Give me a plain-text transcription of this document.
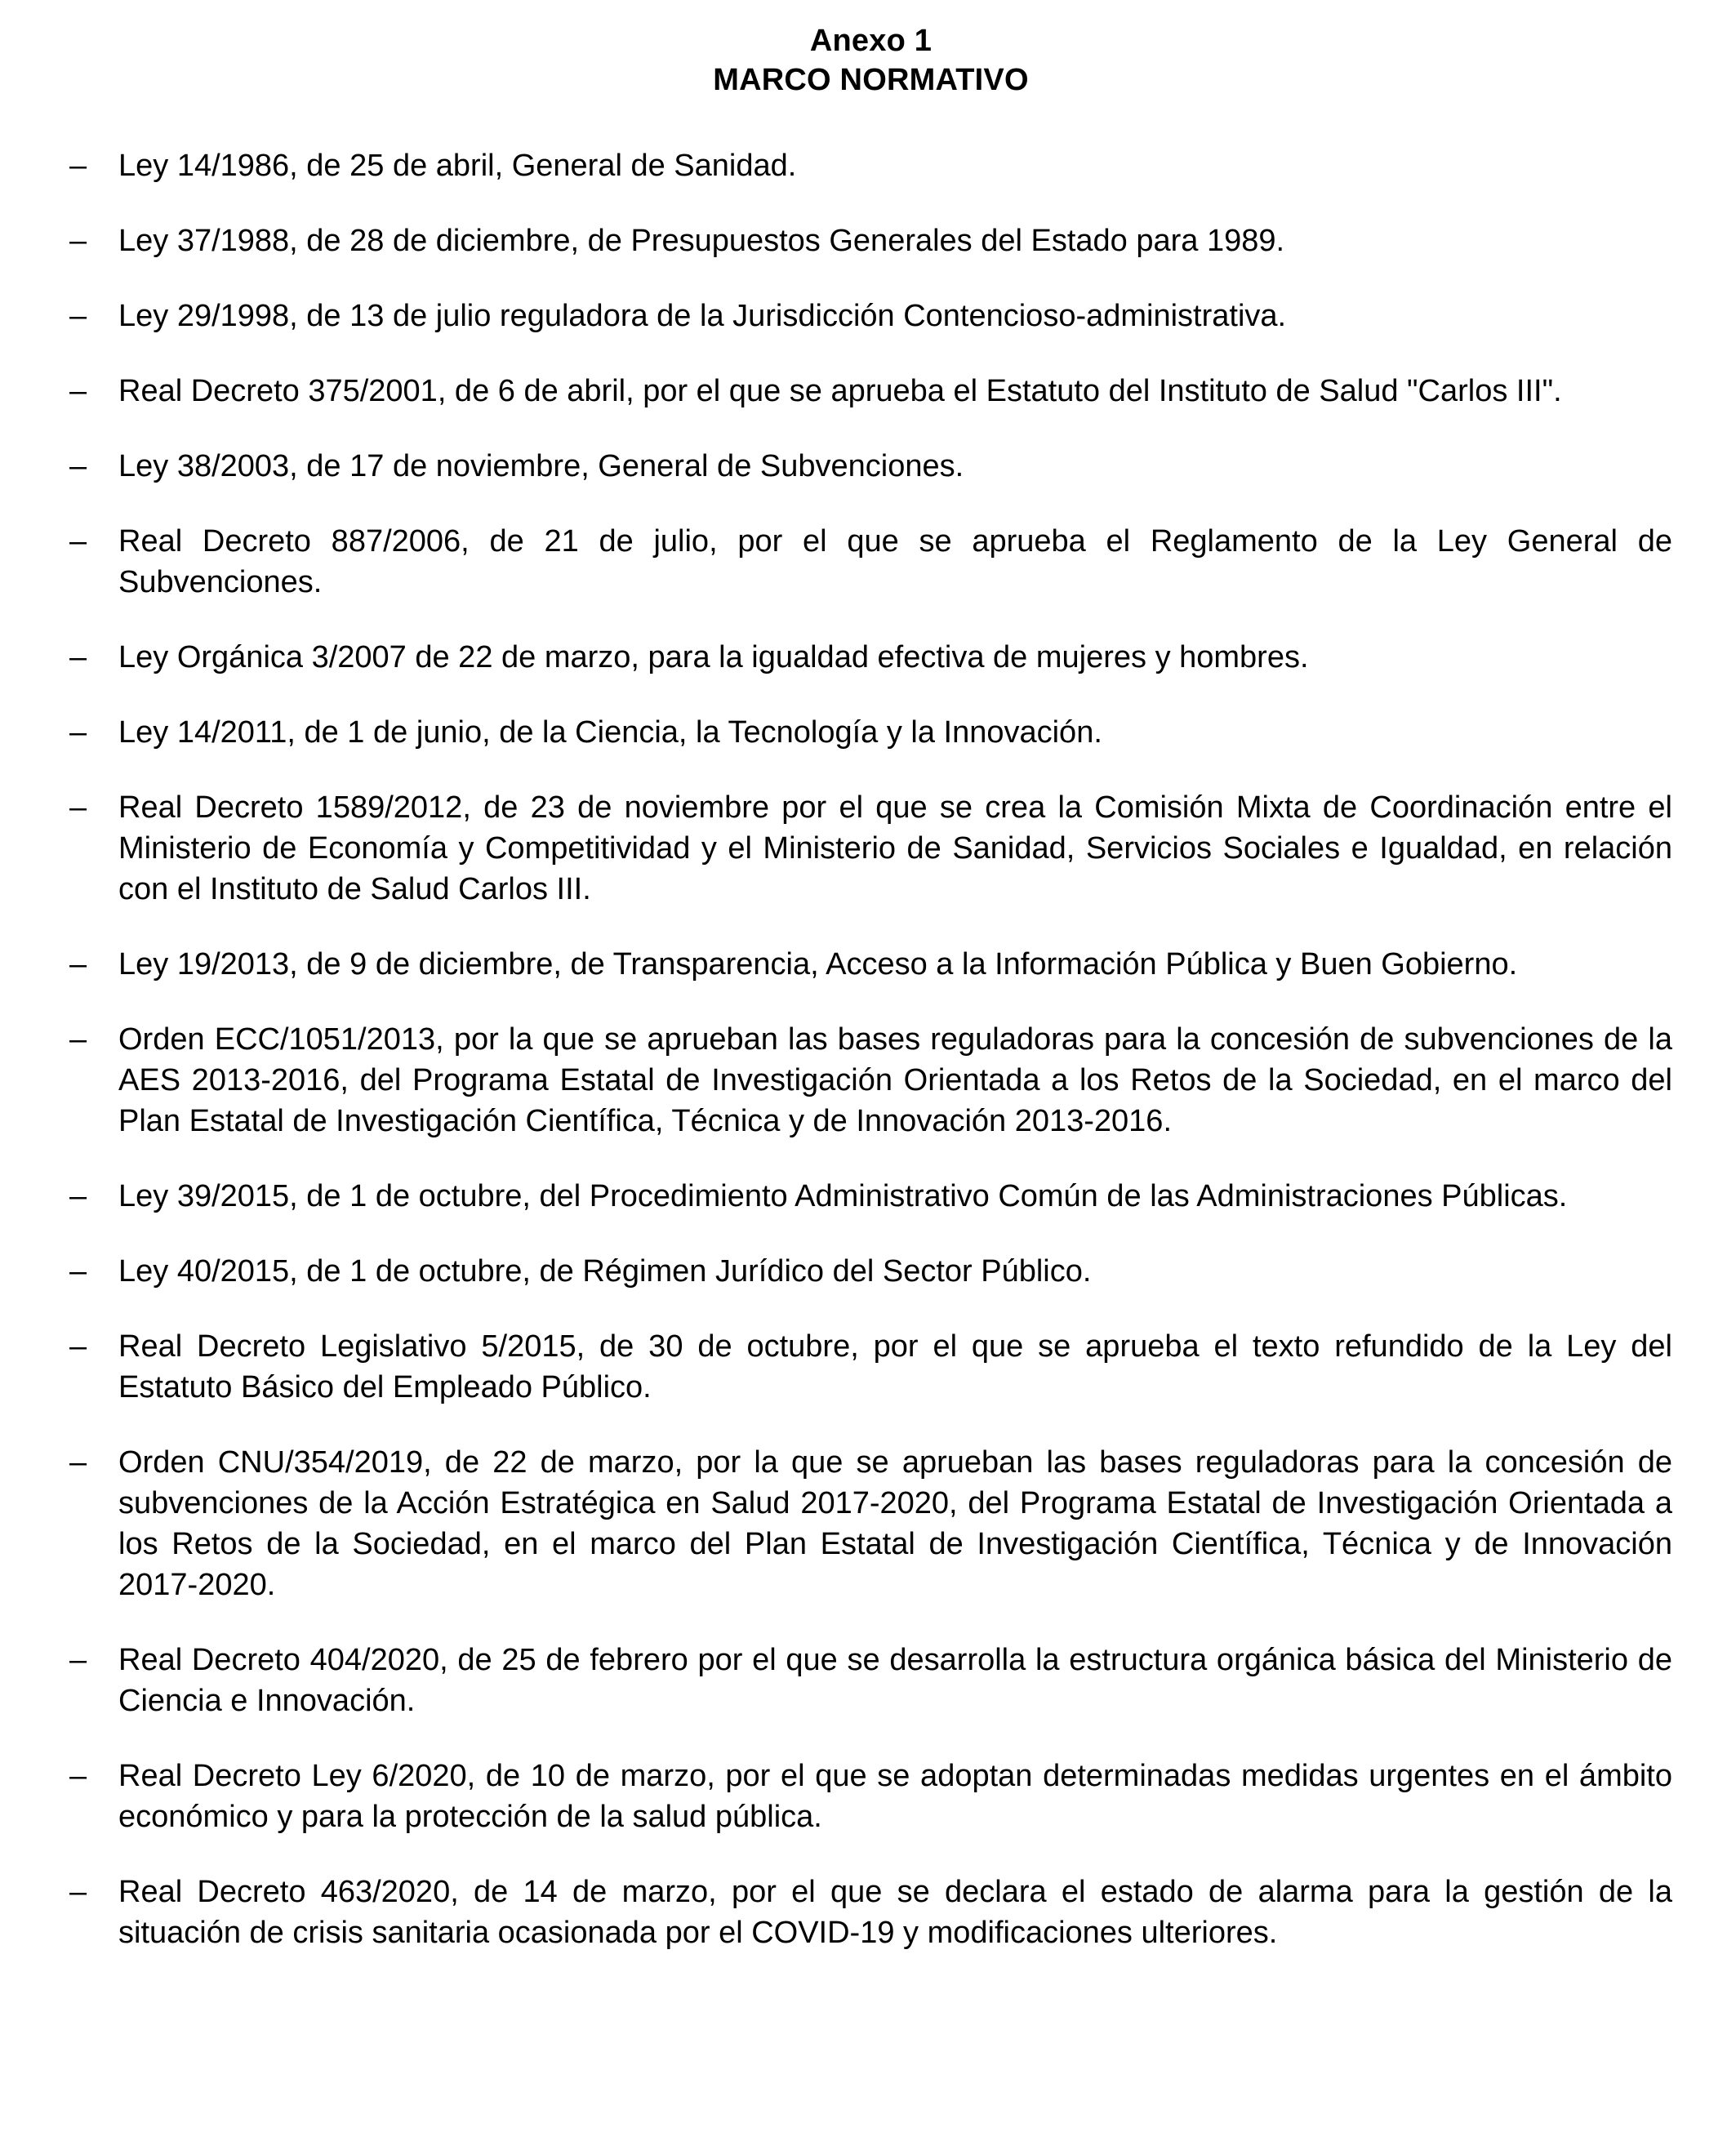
Anexo 1

MARCO NORMATIVO

–	Ley 14/1986, de 25 de abril, General de Sanidad.

–	Ley 37/1988, de 28 de diciembre, de Presupuestos Generales del Estado para 1989.

–	Ley 29/1998, de 13 de julio reguladora de la Jurisdicción Contencioso-administrativa.

–	Real Decreto 375/2001, de 6 de abril, por el que se aprueba el Estatuto del Instituto de Salud "Carlos III".

–	Ley 38/2003, de 17 de noviembre, General de Subvenciones.

–	Real Decreto 887/2006, de 21 de julio, por el que se aprueba el Reglamento de la Ley General de Subvenciones.

–	Ley Orgánica 3/2007 de 22 de marzo, para la igualdad efectiva de mujeres y hombres.

–	Ley 14/2011, de 1 de junio, de la Ciencia, la Tecnología y la Innovación.

–	Real Decreto 1589/2012, de 23 de noviembre por el que se crea la Comisión Mixta de Coordinación entre el Ministerio de Economía y Competitividad y el Ministerio de Sanidad, Servicios Sociales e Igualdad, en relación con el Instituto de Salud Carlos III.

–	Ley 19/2013, de 9 de diciembre, de Transparencia, Acceso a la Información Pública y Buen Gobierno.

–	Orden ECC/1051/2013, por la que se aprueban las bases reguladoras para la concesión de subvenciones de la AES 2013-2016, del Programa Estatal de Investigación Orientada a los Retos de la Sociedad, en el marco del Plan Estatal de Investigación Científica, Técnica y de Innovación 2013-2016.

–	Ley 39/2015, de 1 de octubre, del Procedimiento Administrativo Común de las Administraciones Públicas.

–	Ley 40/2015, de 1 de octubre, de Régimen Jurídico del Sector Público.

–	Real Decreto Legislativo 5/2015, de 30 de octubre, por el que se aprueba el texto refundido de la Ley del Estatuto Básico del Empleado Público.

–	Orden CNU/354/2019, de 22 de marzo, por la que se aprueban las bases reguladoras para la concesión de subvenciones de la Acción Estratégica en Salud 2017-2020, del Programa Estatal de Investigación Orientada a los Retos de la Sociedad, en el marco del Plan Estatal de Investigación Científica, Técnica y de Innovación 2017-2020.

–	Real Decreto 404/2020, de 25 de febrero por el que se desarrolla la estructura orgánica básica del Ministerio de Ciencia e Innovación.

–	Real Decreto Ley 6/2020, de 10 de marzo, por el que se adoptan determinadas medidas urgentes en el ámbito económico y para la protección de la salud pública.

–	Real Decreto 463/2020, de 14 de marzo, por el que se declara el estado de alarma para la gestión de la situación de crisis sanitaria ocasionada por el COVID-19 y modificaciones ulteriores.
